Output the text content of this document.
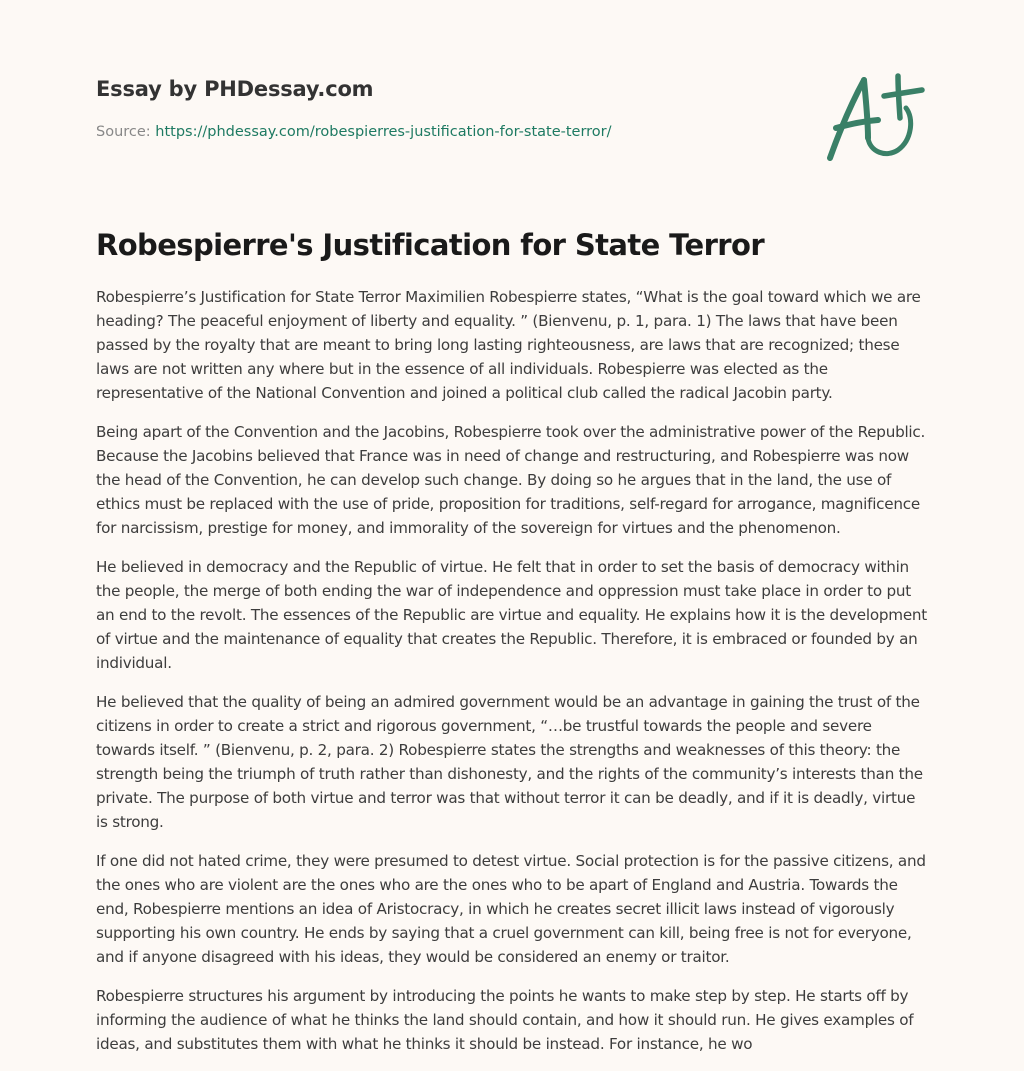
Essay by PHDessay.com
Source: https://phdessay.com/robespierres-justification-for-state-terror/
Robespierre's Justification for State Terror

Robespierre’s Justification for State Terror Maximilien Robespierre states, “What is the goal toward which we are heading? The peaceful enjoyment of liberty and equality. ” (Bienvenu, p. 1, para. 1) The laws that have been passed by the royalty that are meant to bring long lasting righteousness, are laws that are recognized; these laws are not written any where but in the essence of all individuals. Robespierre was elected as the representative of the National Convention and joined a political club called the radical Jacobin party.

Being apart of the Convention and the Jacobins, Robespierre took over the administrative power of the Republic. Because the Jacobins believed that France was in need of change and restructuring, and Robespierre was now the head of the Convention, he can develop such change. By doing so he argues that in the land, the use of ethics must be replaced with the use of pride, proposition for traditions, self-regard for arrogance, magnificence for narcissism, prestige for money, and immorality of the sovereign for virtues and the phenomenon.

He believed in democracy and the Republic of virtue. He felt that in order to set the basis of democracy within the people, the merge of both ending the war of independence and oppression must take place in order to put an end to the revolt. The essences of the Republic are virtue and equality. He explains how it is the development of virtue and the maintenance of equality that creates the Republic. Therefore, it is embraced or founded by an individual.

He believed that the quality of being an admired government would be an advantage in gaining the trust of the citizens in order to create a strict and rigorous government, “…be trustful towards the people and severe towards itself. ” (Bienvenu, p. 2, para. 2) Robespierre states the strengths and weaknesses of this theory: the strength being the triumph of truth rather than dishonesty, and the rights of the community’s interests than the private. The purpose of both virtue and terror was that without terror it can be deadly, and if it is deadly, virtue is strong.

If one did not hated crime, they were presumed to detest virtue. Social protection is for the passive citizens, and the ones who are violent are the ones who are the ones who to be apart of England and Austria. Towards the end, Robespierre mentions an idea of Aristocracy, in which he creates secret illicit laws instead of vigorously supporting his own country. He ends by saying that a cruel government can kill, being free is not for everyone, and if anyone disagreed with his ideas, they would be considered an enemy or traitor.

Robespierre structures his argument by introducing the points he wants to make step by step. He starts off by informing the audience of what he thinks the land should contain, and how it should run. He gives examples of ideas, and substitutes them with what he thinks it should be instead. For instance, he wo
